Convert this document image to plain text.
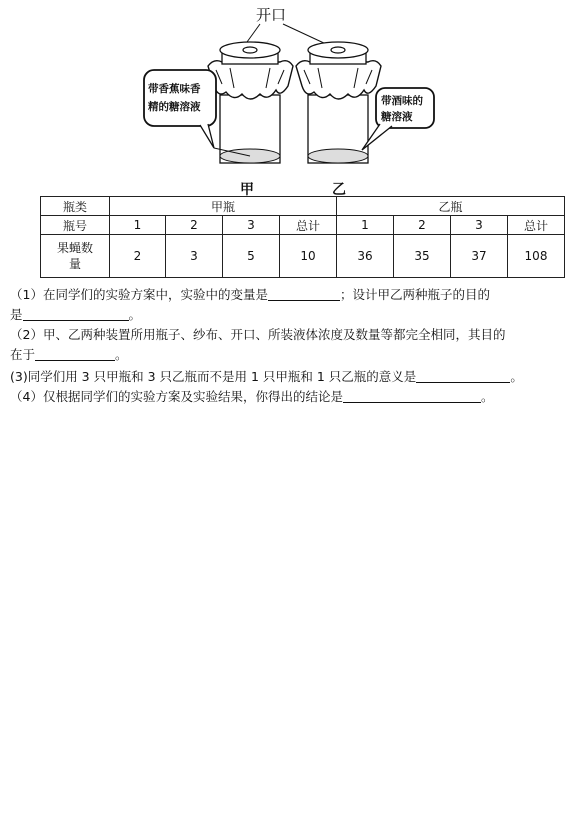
开口
带香蕉味香
精的糖溶液	带酒味的
糖溶液
甲	乙
瓶类	甲瓶				乙瓶			
瓶号	1	2	3	总计	1	2	3	总计
果蝇数
量	2	3	5	10	36	35	37	108
（1）在同学们的实验方案中，实验中的变量是	；设计甲乙两种瓶子的目的
是	。
（2）甲、乙两种装置所用瓶子、纱布、开口、所装液体浓度及数量等都完全相同，其目的
在于	。
(3)同学们用 3 只甲瓶和 3 只乙瓶而不是用 1 只甲瓶和 1 只乙瓶的意义是	。
（4）仅根据同学们的实验方案及实验结果，你得出的结论是	。
